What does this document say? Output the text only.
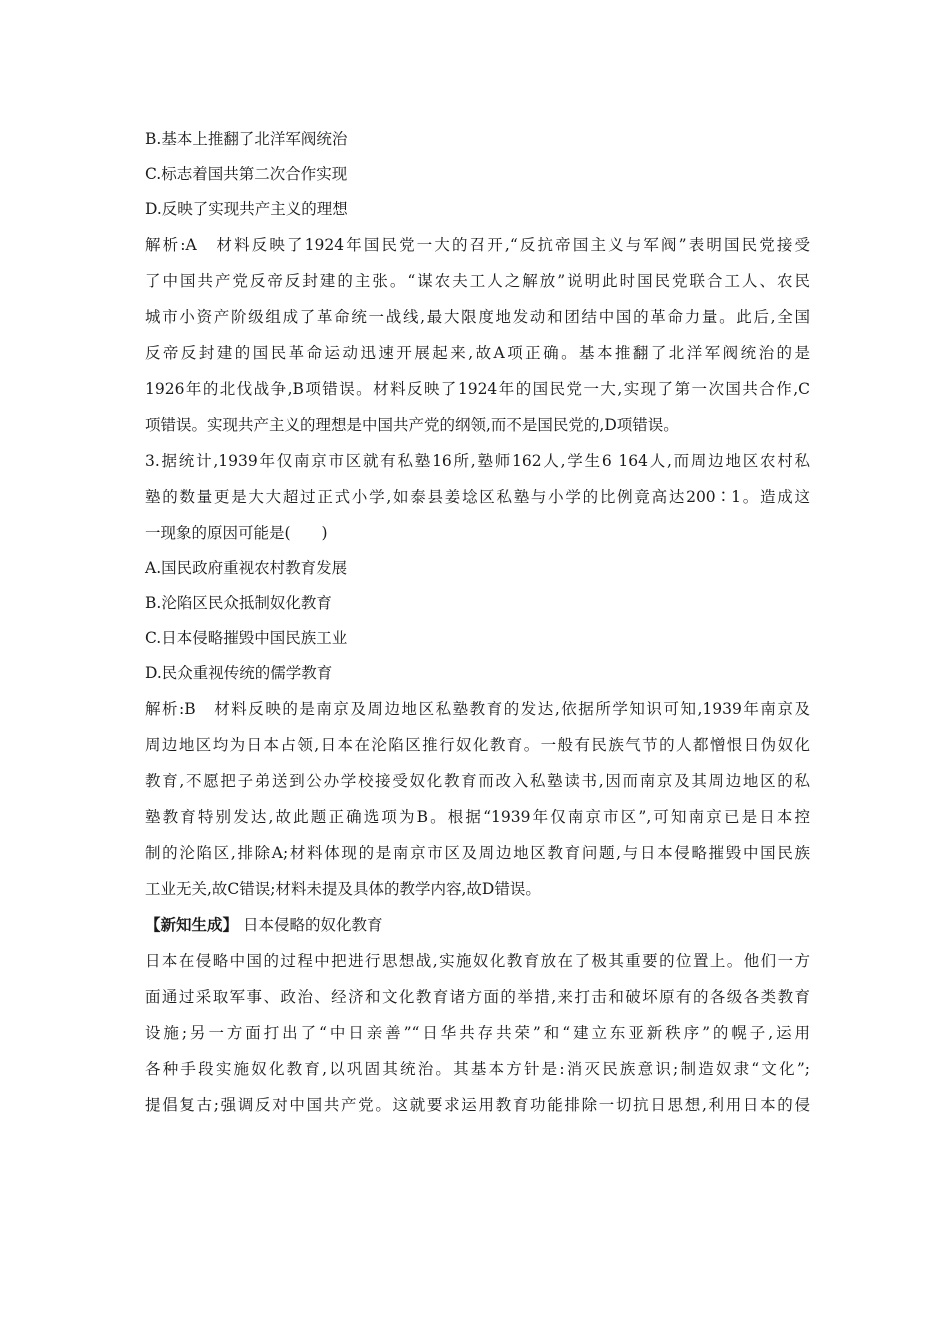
B.基本上推翻了北洋军阀统治
C.标志着国共第二次合作实现
D.反映了实现共产主义的理想
解析:A　材料反映了1924年国民党一大的召开,“反抗帝国主义与军阀”表明国民党接受
了中国共产党反帝反封建的主张。“谋农夫工人之解放”说明此时国民党联合工人、农民
城市小资产阶级组成了革命统一战线,最大限度地发动和团结中国的革命力量。此后,全国
反帝反封建的国民革命运动迅速开展起来,故A项正确。基本推翻了北洋军阀统治的是
1926年的北伐战争,B项错误。材料反映了1924年的国民党一大,实现了第一次国共合作,C
项错误。实现共产主义的理想是中国共产党的纲领,而不是国民党的,D项错误。
3.据统计,1939年仅南京市区就有私塾16所,塾师162人,学生6 164人,而周边地区农村私
塾的数量更是大大超过正式小学,如泰县姜埝区私塾与小学的比例竟高达200∶1。造成这
一现象的原因可能是(　　)
A.国民政府重视农村教育发展
B.沦陷区民众抵制奴化教育
C.日本侵略摧毁中国民族工业
D.民众重视传统的儒学教育
解析:B　材料反映的是南京及周边地区私塾教育的发达,依据所学知识可知,1939年南京及
周边地区均为日本占领,日本在沦陷区推行奴化教育。一般有民族气节的人都憎恨日伪奴化
教育,不愿把子弟送到公办学校接受奴化教育而改入私塾读书,因而南京及其周边地区的私
塾教育特别发达,故此题正确选项为B。根据“1939年仅南京市区”,可知南京已是日本控
制的沦陷区,排除A;材料体现的是南京市区及周边地区教育问题,与日本侵略摧毁中国民族
工业无关,故C错误;材料未提及具体的教学内容,故D错误。
【新知生成】 日本侵略的奴化教育
日本在侵略中国的过程中把进行思想战,实施奴化教育放在了极其重要的位置上。他们一方
面通过采取军事、政治、经济和文化教育诸方面的举措,来打击和破坏原有的各级各类教育
设施;另一方面打出了“中日亲善”“日华共存共荣”和“建立东亚新秩序”的幌子,运用
各种手段实施奴化教育,以巩固其统治。其基本方针是:消灭民族意识;制造奴隶“文化”;
提倡复古;强调反对中国共产党。这就要求运用教育功能排除一切抗日思想,利用日本的侵
